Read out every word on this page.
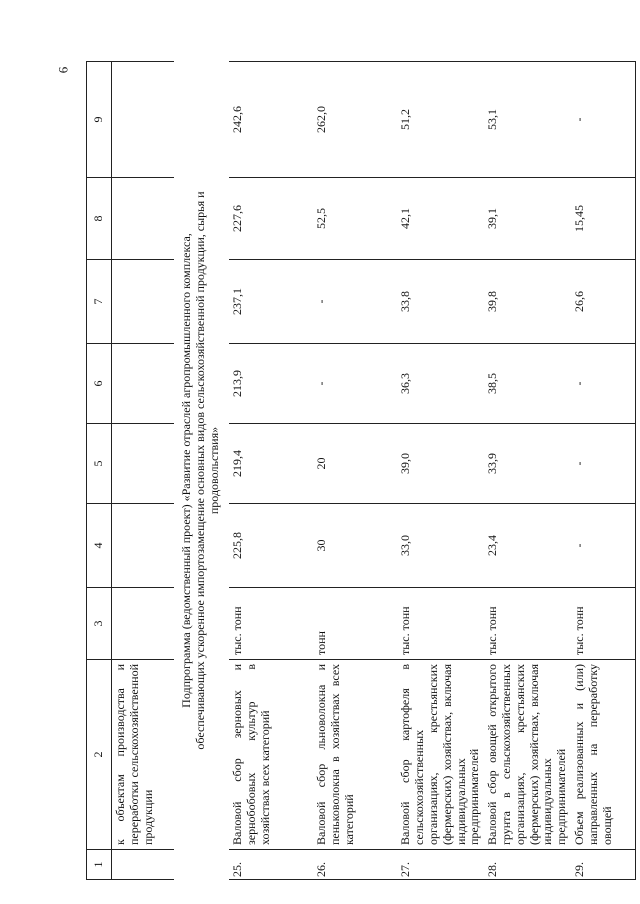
6
1	2	3	4	5	6	7	8	9
	к объектам производства и переработки сельскохозяйственной продукции							
Подпрограмма (ведомственный проект) «Развитие отраслей агропромышленного комплекса, обеспечивающих ускоренное импортозамещение основных видов сельскохозяйственной продукции, сырья и продовольствия»								
25.	Валовой сбор зерновых и зернобобовых культур в хозяйствах всех категорий	тыс. тонн	225,8	219,4	213,9	237,1	227,6	242,6
26.	Валовой сбор льноволокна и пеньковолокна в хозяйствах всех категорий	тонн	30	20	-	-	52,5	262,0
27.	Валовой сбор картофеля в сельскохозяйственных организациях, крестьянских (фермерских) хозяйствах, включая индивидуальных предпринимателей	тыс. тонн	33,0	39,0	36,3	33,8	42,1	51,2
28.	Валовой сбор овощей открытого грунта в сельскохозяйственных организациях, крестьянских (фермерских) хозяйствах, включая индивидуальных предпринимателей	тыс. тонн	23,4	33,9	38,5	39,8	39,1	53,1
29.	Объем реализованных и (или) направленных на переработку овощей	тыс. тонн	-	-	-	26,6	15,45	-
